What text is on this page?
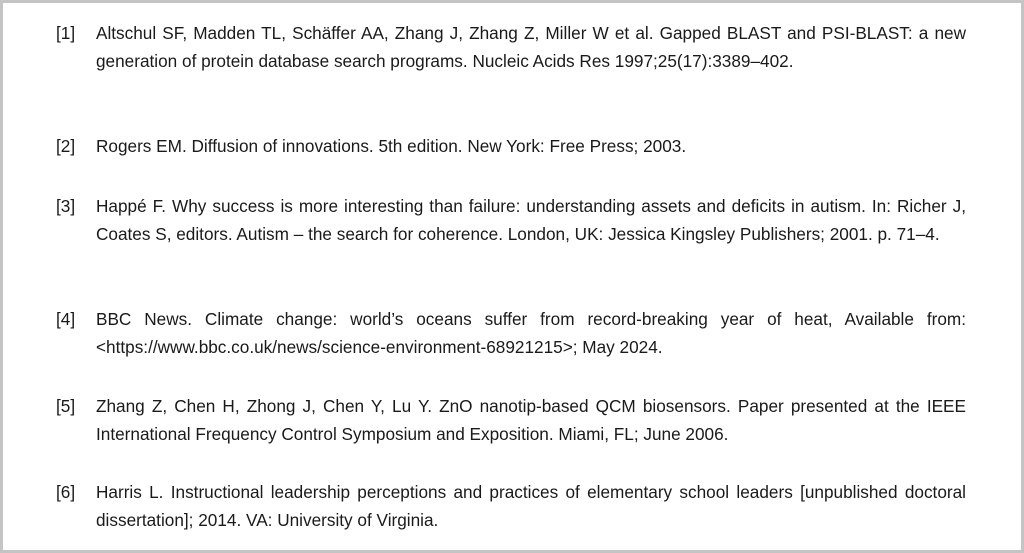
[1]	Altschul SF, Madden TL, Schäffer AA, Zhang J, Zhang Z, Miller W et al. Gapped BLAST and PSI-BLAST: a new generation of protein database search programs. Nucleic Acids Res 1997;25(17):3389–402.
[2]	Rogers EM. Diffusion of innovations. 5th edition. New York: Free Press; 2003.
[3]	Happé F. Why success is more interesting than failure: understanding assets and deficits in autism. In: Richer J, Coates S, editors. Autism – the search for coherence. London, UK: Jessica Kingsley Publishers; 2001. p. 71–4.
[4]	BBC News. Climate change: world’s oceans suffer from record-breaking year of heat, Available from: <https://www.bbc.co.uk/news/science-environment-68921215>; May 2024.
[5]	Zhang Z, Chen H, Zhong J, Chen Y, Lu Y. ZnO nanotip-based QCM biosensors. Paper presented at the IEEE International Frequency Control Symposium and Exposition. Miami, FL; June 2006.
[6]	Harris L. Instructional leadership perceptions and practices of elementary school leaders [unpublished doctoral dissertation]; 2014. VA: University of Virginia.
